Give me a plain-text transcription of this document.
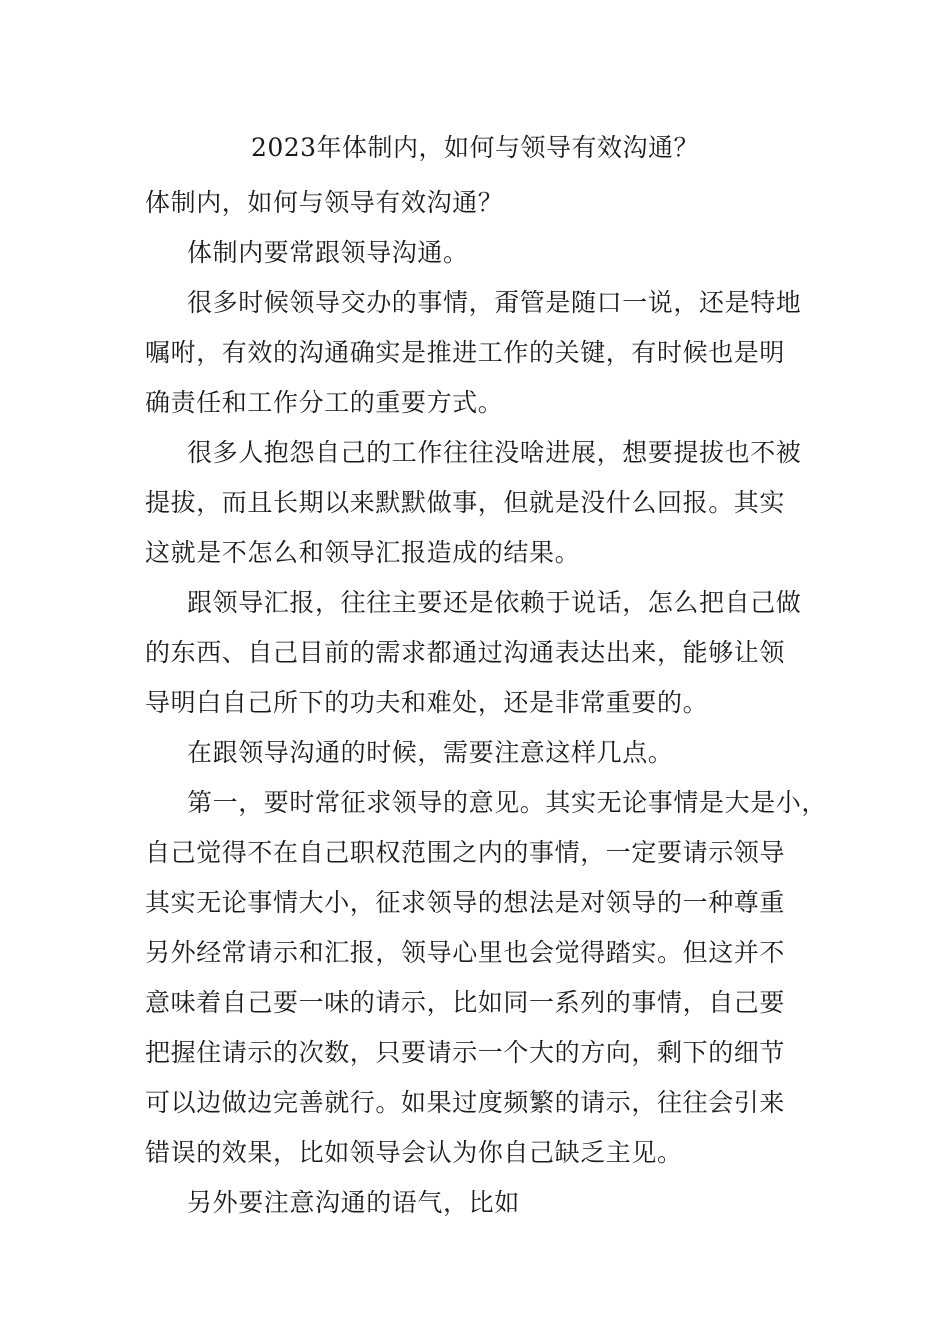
2023年体制内，如何与领导有效沟通？
体制内，如何与领导有效沟通？
体制内要常跟领导沟通。
很多时候领导交办的事情，甭管是随口一说，还是特地
嘱咐，有效的沟通确实是推进工作的关键，有时候也是明
确责任和工作分工的重要方式。
很多人抱怨自己的工作往往没啥进展，想要提拔也不被
提拔，而且长期以来默默做事，但就是没什么回报。其实
这就是不怎么和领导汇报造成的结果。
跟领导汇报，往往主要还是依赖于说话，怎么把自己做
的东西、自己目前的需求都通过沟通表达出来，能够让领
导明白自己所下的功夫和难处，还是非常重要的。
在跟领导沟通的时候，需要注意这样几点。
第一，要时常征求领导的意见。其实无论事情是大是小，
自己觉得不在自己职权范围之内的事情，一定要请示领导
其实无论事情大小，征求领导的想法是对领导的一种尊重
另外经常请示和汇报，领导心里也会觉得踏实。但这并不
意味着自己要一味的请示，比如同一系列的事情，自己要
把握住请示的次数，只要请示一个大的方向，剩下的细节
可以边做边完善就行。如果过度频繁的请示，往往会引来
错误的效果，比如领导会认为你自己缺乏主见。
另外要注意沟通的语气，比如
